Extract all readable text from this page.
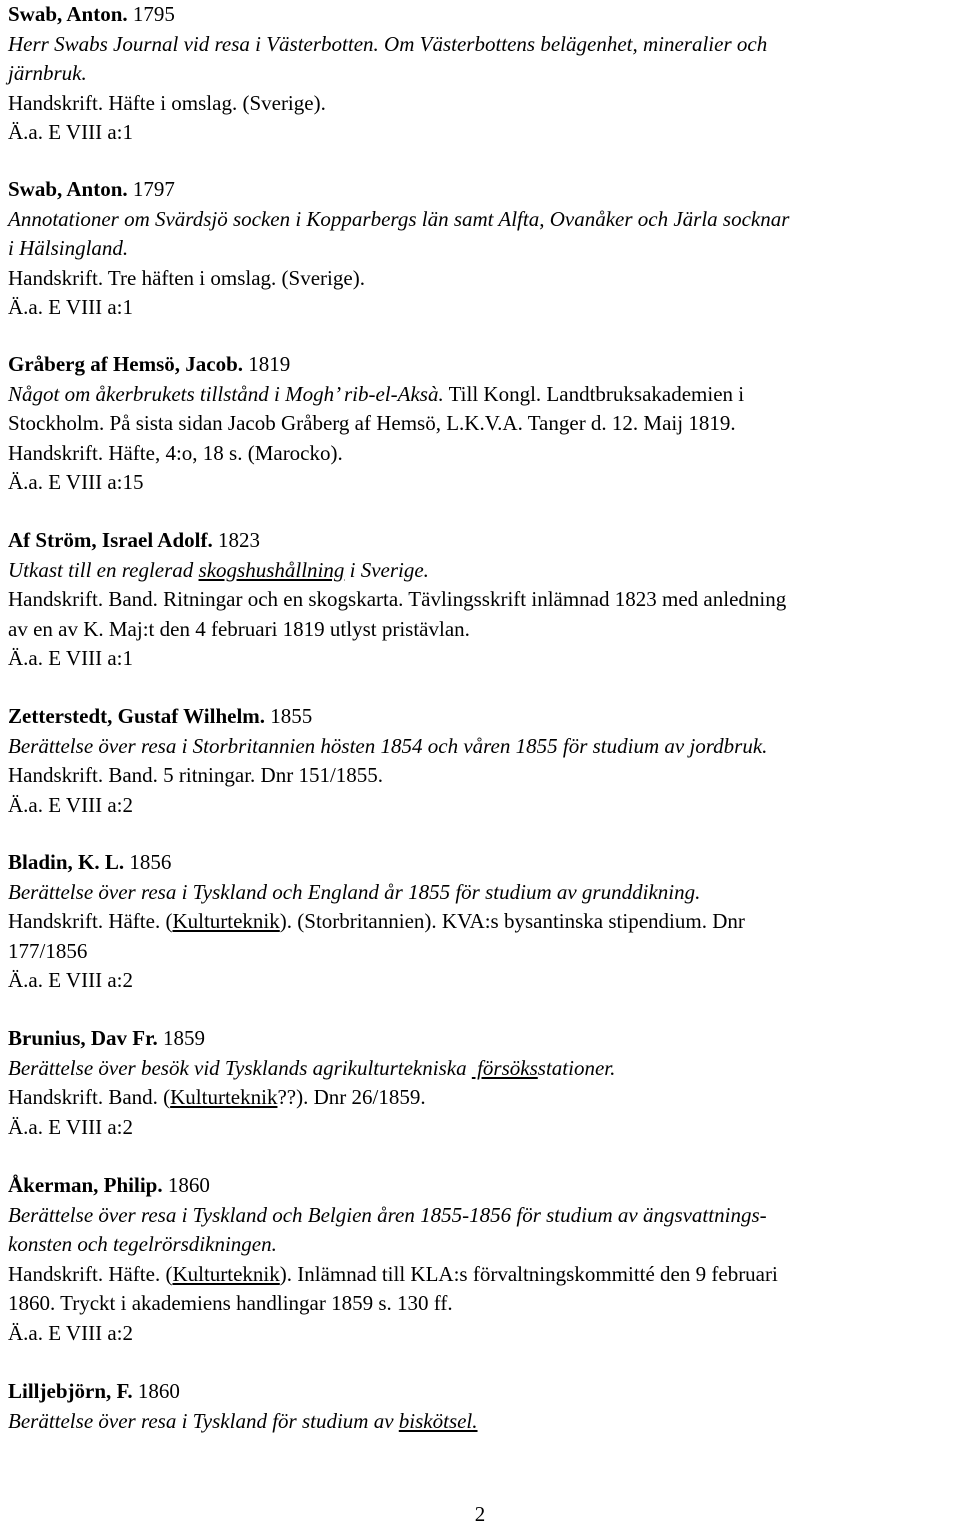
Swab, Anton. 1795
Herr Swabs Journal vid resa i Västerbotten. Om Västerbottens belägenhet, mineralier och
järnbruk.
Handskrift. Häfte i omslag. (Sverige).
Ä.a. E VIII a:1
Swab, Anton. 1797
Annotationer om Svärdsjö socken i Kopparbergs län samt Alfta, Ovanåker och Järla socknar
i Hälsingland.
Handskrift. Tre häften i omslag. (Sverige).
Ä.a. E VIII a:1
Gråberg af Hemsö, Jacob. 1819
Något om åkerbrukets tillstånd i Mogh’ rib-el-Aksà. Till Kongl. Landtbruksakademien i
Stockholm. På sista sidan Jacob Gråberg af Hemsö, L.K.V.A. Tanger d. 12. Maij 1819.
Handskrift. Häfte, 4:o, 18 s. (Marocko).
Ä.a. E VIII a:15
Af Ström, Israel Adolf. 1823
Utkast till en reglerad skogshushållning i Sverige.
Handskrift. Band. Ritningar och en skogskarta. Tävlingsskrift inlämnad 1823 med anledning
av en av K. Maj:t den 4 februari 1819 utlyst pristävlan.
Ä.a. E VIII a:1
Zetterstedt, Gustaf Wilhelm. 1855
Berättelse över resa i Storbritannien hösten 1854 och våren 1855 för studium av jordbruk.
Handskrift. Band. 5 ritningar. Dnr 151/1855.
Ä.a. E VIII a:2
Bladin, K. L. 1856
Berättelse över resa i Tyskland och England år 1855 för studium av grunddikning.
Handskrift. Häfte. (Kulturteknik). (Storbritannien). KVA:s bysantinska stipendium. Dnr
177/1856
Ä.a. E VIII a:2
Brunius, Dav Fr. 1859
Berättelse över besök vid Tysklands agrikulturtekniska  försöksstationer.
Handskrift. Band. (Kulturteknik??). Dnr 26/1859.
Ä.a. E VIII a:2
Åkerman, Philip. 1860
Berättelse över resa i Tyskland och Belgien åren 1855-1856 för studium av ängsvattnings-
konsten och tegelrörsdikningen.
Handskrift. Häfte. (Kulturteknik). Inlämnad till KLA:s förvaltningskommitté den 9 februari
1860. Tryckt i akademiens handlingar 1859 s. 130 ff.
Ä.a. E VIII a:2
Lilljebjörn, F. 1860
Berättelse över resa i Tyskland för studium av biskötsel.
2
